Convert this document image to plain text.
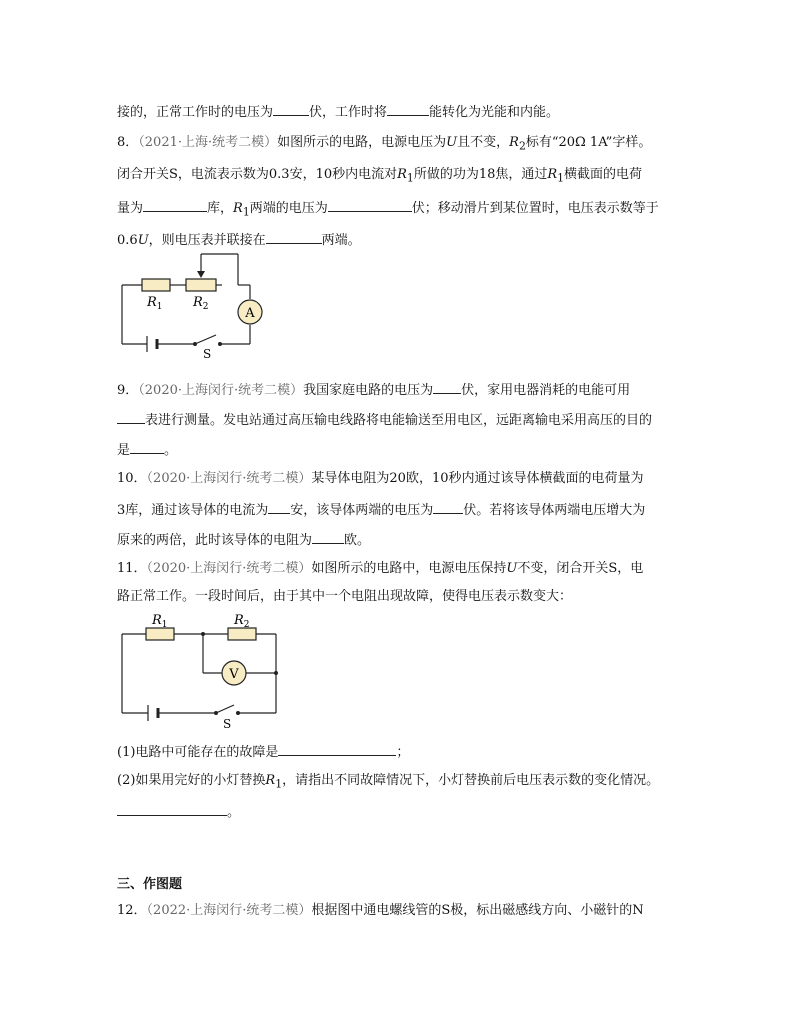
接的，正常工作时的电压为	伏，工作时将	能转化为光能和内能。
8．（2021·上海·统考二模）如图所示的电路，电源电压为U且不变，$R_2$标有“20Ω 1A”字样。
闭合开关S，电流表示数为0.3安，10秒内电流对$R_1$所做的功为18焦，通过$R_1$横截面的电荷
量为	库，$R_1$两端的电压为	伏；移动滑片到某位置时，电压表示数等于
0.6U，则电压表并联接在	两端。
A
$R_1$ $R_2$
S
9．（2020·上海闵行·统考二模）我国家庭电路的电压为 伏，家用电器消耗的电能可用
表进行测量。发电站通过高压输电线路将电能输送至用电区，远距离输电采用高压的目的
是	。
10．（2020·上海闵行·统考二模）某导体电阻为20欧，10秒内通过该导体横截面的电荷量为
3库，通过该导体的电流为 安，该导体两端的电压为 伏。若将该导体两端电压增大为
原来的两倍，此时该导体的电阻为 欧。
11．（2020·上海闵行·统考二模）如图所示的电路中，电源电压保持U不变，闭合开关S，电
路正常工作。一段时间后，由于其中一个电阻出现故障，使得电压表示数变大：
V
$R_1$	$R_2$
S
(1)电路中可能存在的故障是	；
(2)如果用完好的小灯替换$R_1$，请指出不同故障情况下，小灯替换前后电压表示数的变化情况。
。
三、作图题
12．（2022·上海闵行·统考二模）根据图中通电螺线管的S极，标出磁感线方向、小磁针的N
